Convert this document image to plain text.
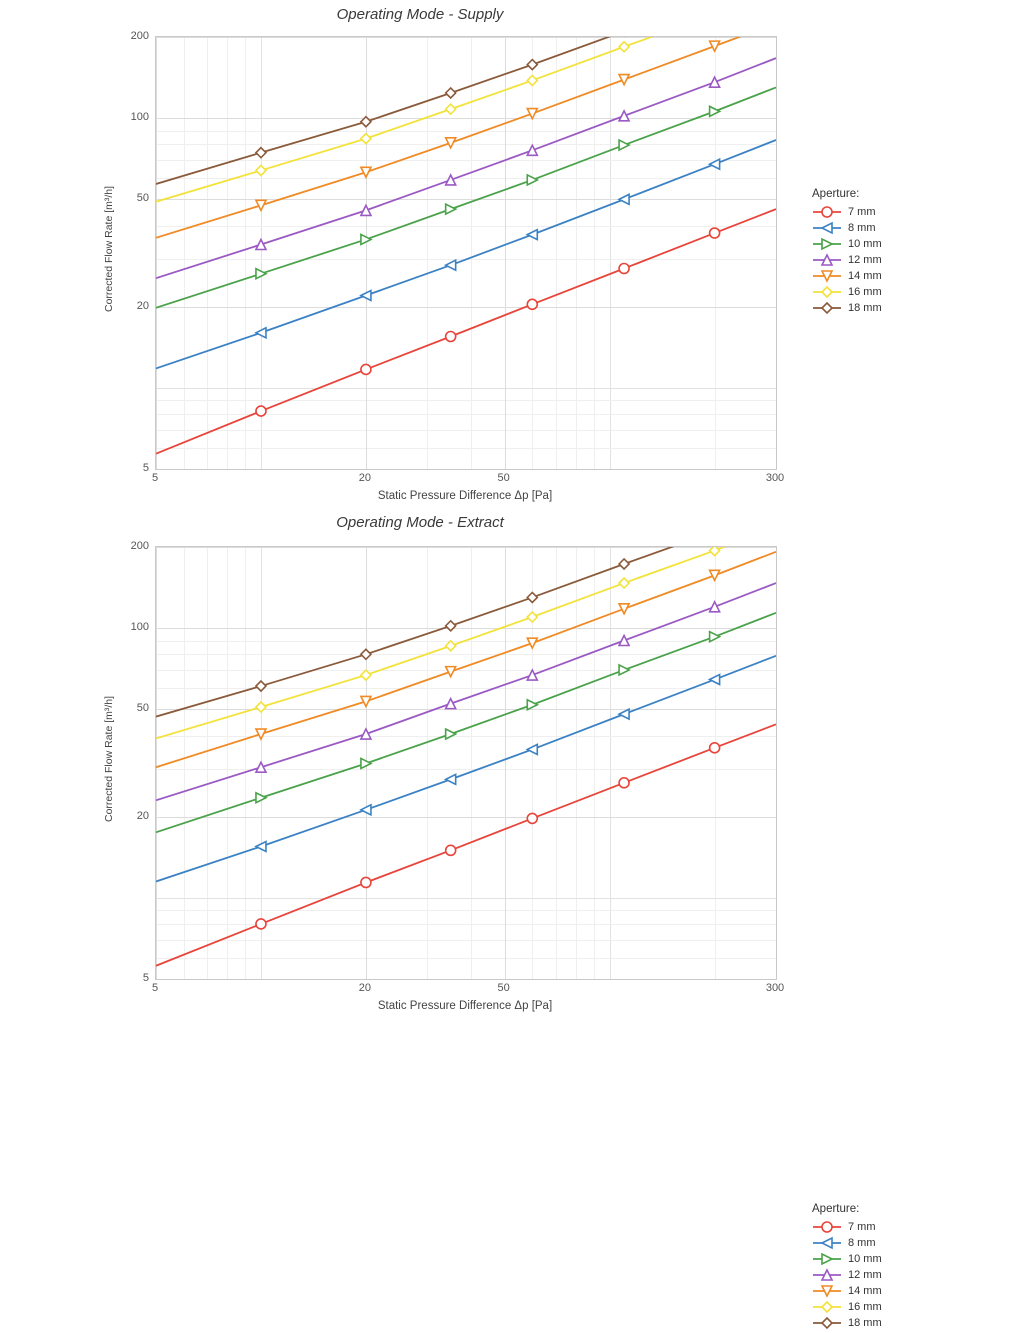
Operating Mode - Supply
5	20	50	300
5
20
50
100
200
Static Pressure Difference Δp [Pa]
Corrected Flow Rate [m³/h]	Aperture:
7 mm
8 mm
10 mm
12 mm
14 mm
16 mm
18 mm
Operating Mode - Extract
5	20	50	300
5
20
50
100
200
Static Pressure Difference Δp [Pa]
Corrected Flow Rate [m³/h]
Aperture:
7 mm
8 mm
10 mm
12 mm
14 mm
16 mm
18 mm
